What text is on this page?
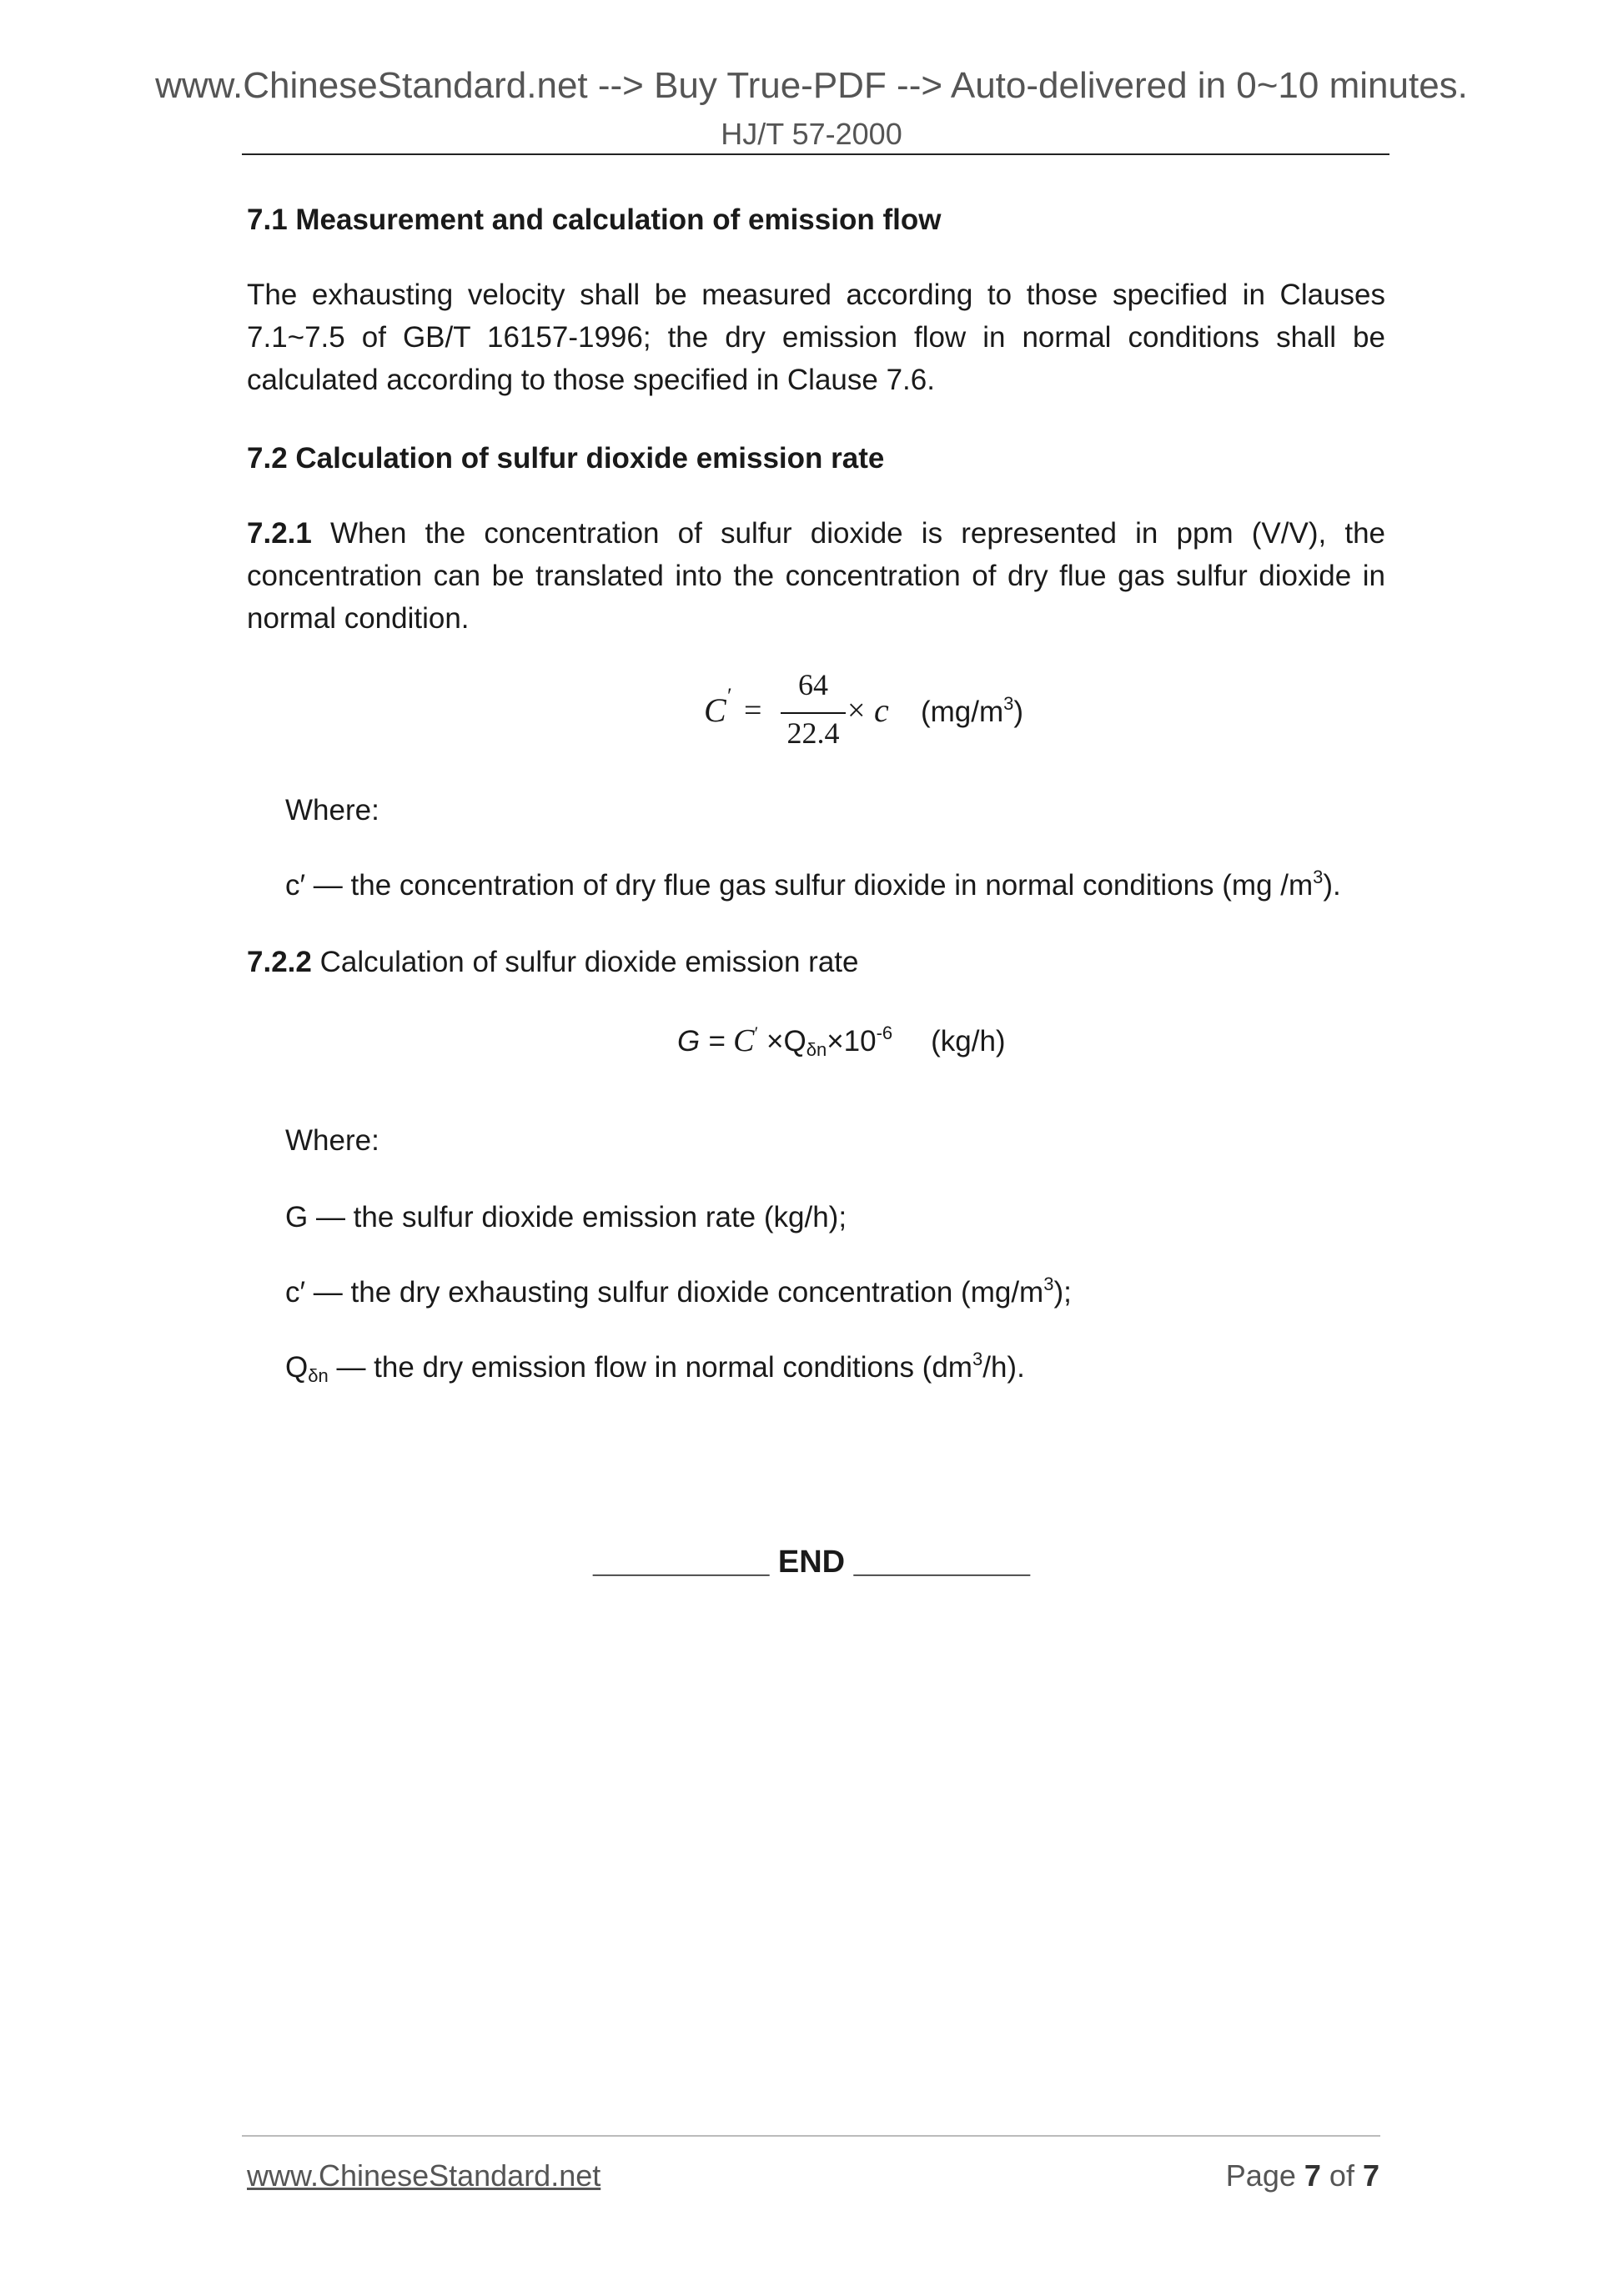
www.ChineseStandard.net --> Buy True-PDF --> Auto-delivered in 0~10 minutes.
HJ/T 57-2000
7.1 Measurement and calculation of emission flow
The exhausting velocity shall be measured according to those specified in Clauses 7.1~7.5 of GB/T 16157-1996; the dry emission flow in normal conditions shall be calculated according to those specified in Clause 7.6.
7.2 Calculation of sulfur dioxide emission rate
7.2.1 When the concentration of sulfur dioxide is represented in ppm (V/V), the concentration can be translated into the concentration of dry flue gas sulfur dioxide in normal condition.
C ′ =
64
22.4
× c $(mg/m^3)$
Where:
c′ — the concentration of dry flue gas sulfur dioxide in normal conditions (mg $/m^3$).
7.2.2 Calculation of sulfur dioxide emission rate
$G = C' \times Q_{\delta n}\times 10^{-6}$ (kg/h)
Where:
G — the sulfur dioxide emission rate (kg/h);
c′ — the dry exhausting sulfur dioxide concentration $(mg/m^3)$;
$Q_{\delta n}$ — the dry emission flow in normal conditions $(dm^3/h)$.
__________ END __________
www.ChineseStandard.net	Page 7 of 7
